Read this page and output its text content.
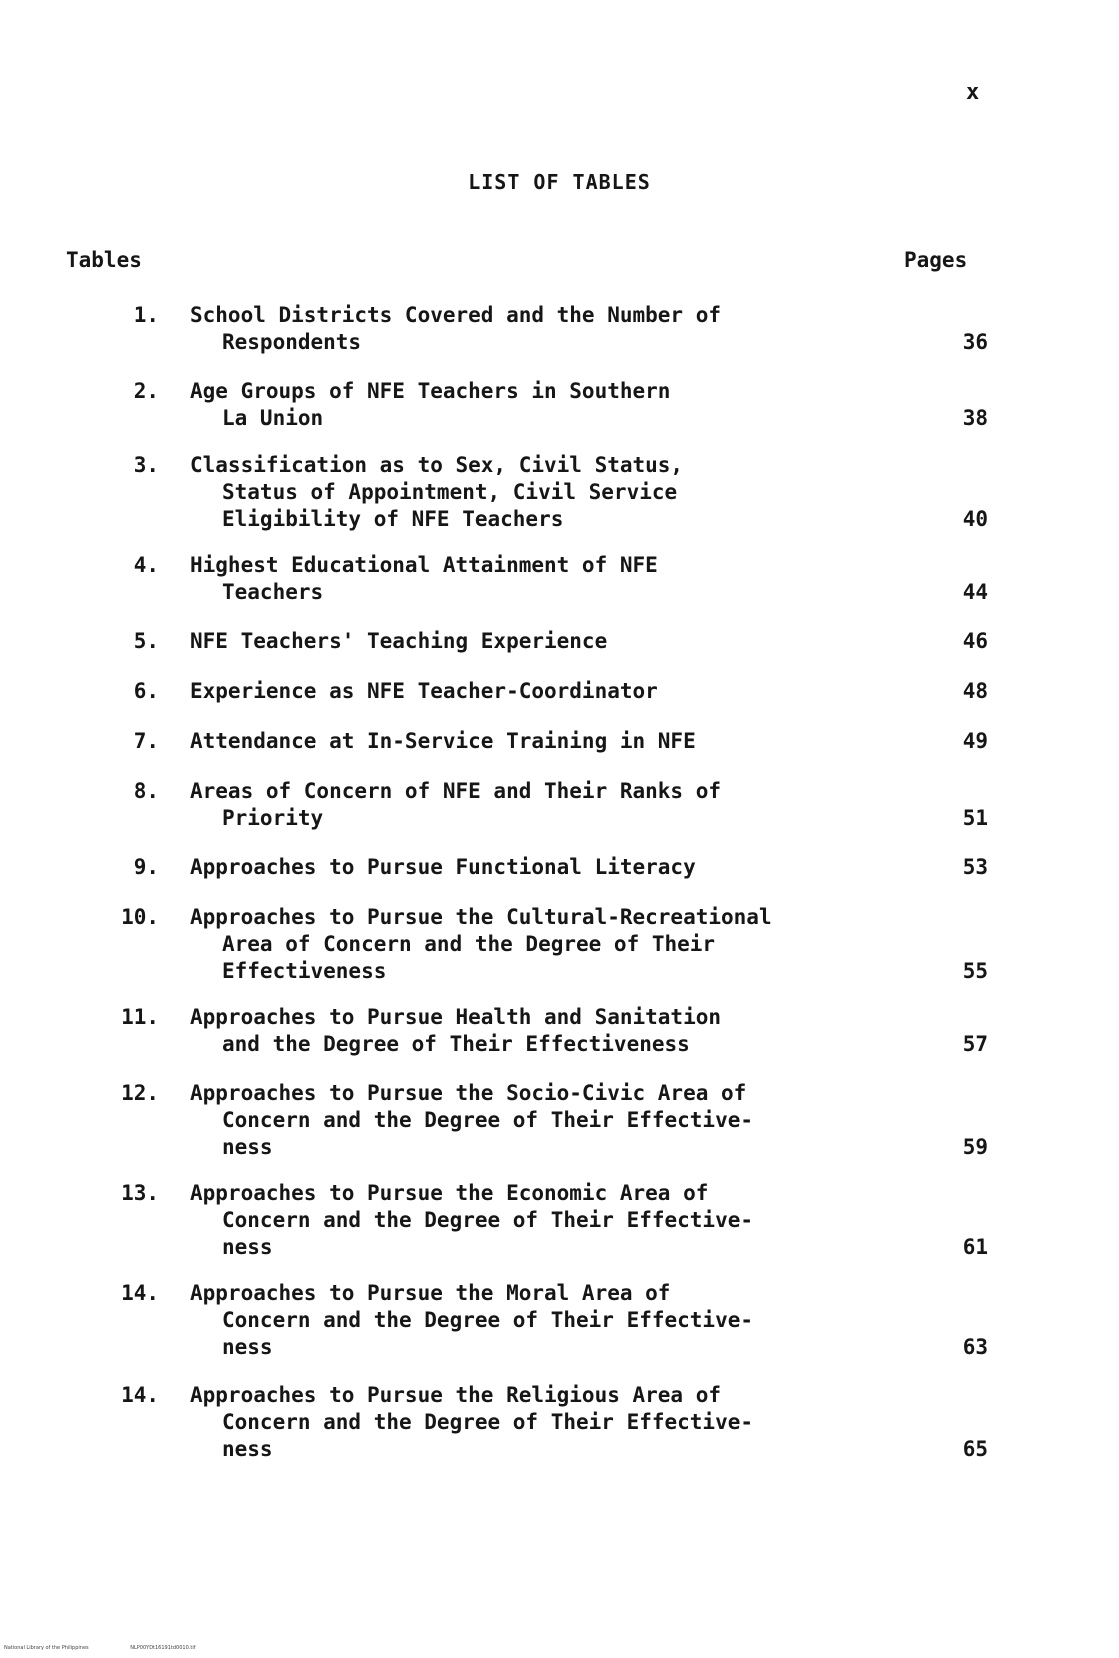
x
LIST OF TABLES
Tables	Pages
1. School Districts Covered and the Number of
Respondents	36
2. Age Groups of NFE Teachers in Southern
La Union	38
3. Classification as to Sex, Civil Status,
Status of Appointment, Civil Service
Eligibility of NFE Teachers	40
4. Highest Educational Attainment of NFE
Teachers	44
5. NFE Teachers' Teaching Experience	46
6. Experience as NFE Teacher-Coordinator	48
7. Attendance at In-Service Training in NFE	49
8. Areas of Concern of NFE and Their Ranks of
Priority	51
9. Approaches to Pursue Functional Literacy	53
10. Approaches to Pursue the Cultural-Recreational
Area of Concern and the Degree of Their
Effectiveness	55
11. Approaches to Pursue Health and Sanitation
and the Degree of Their Effectiveness	57
12. Approaches to Pursue the Socio-Civic Area of
Concern and the Degree of Their Effective-
ness	59
13. Approaches to Pursue the Economic Area of
Concern and the Degree of Their Effective-
ness	61
14. Approaches to Pursue the Moral Area of
Concern and the Degree of Their Effective-
ness	63
14. Approaches to Pursue the Religious Area of
Concern and the Degree of Their Effective-
ness	65
National Library of the Philippines	NLP00YDt16191td0010.tif
